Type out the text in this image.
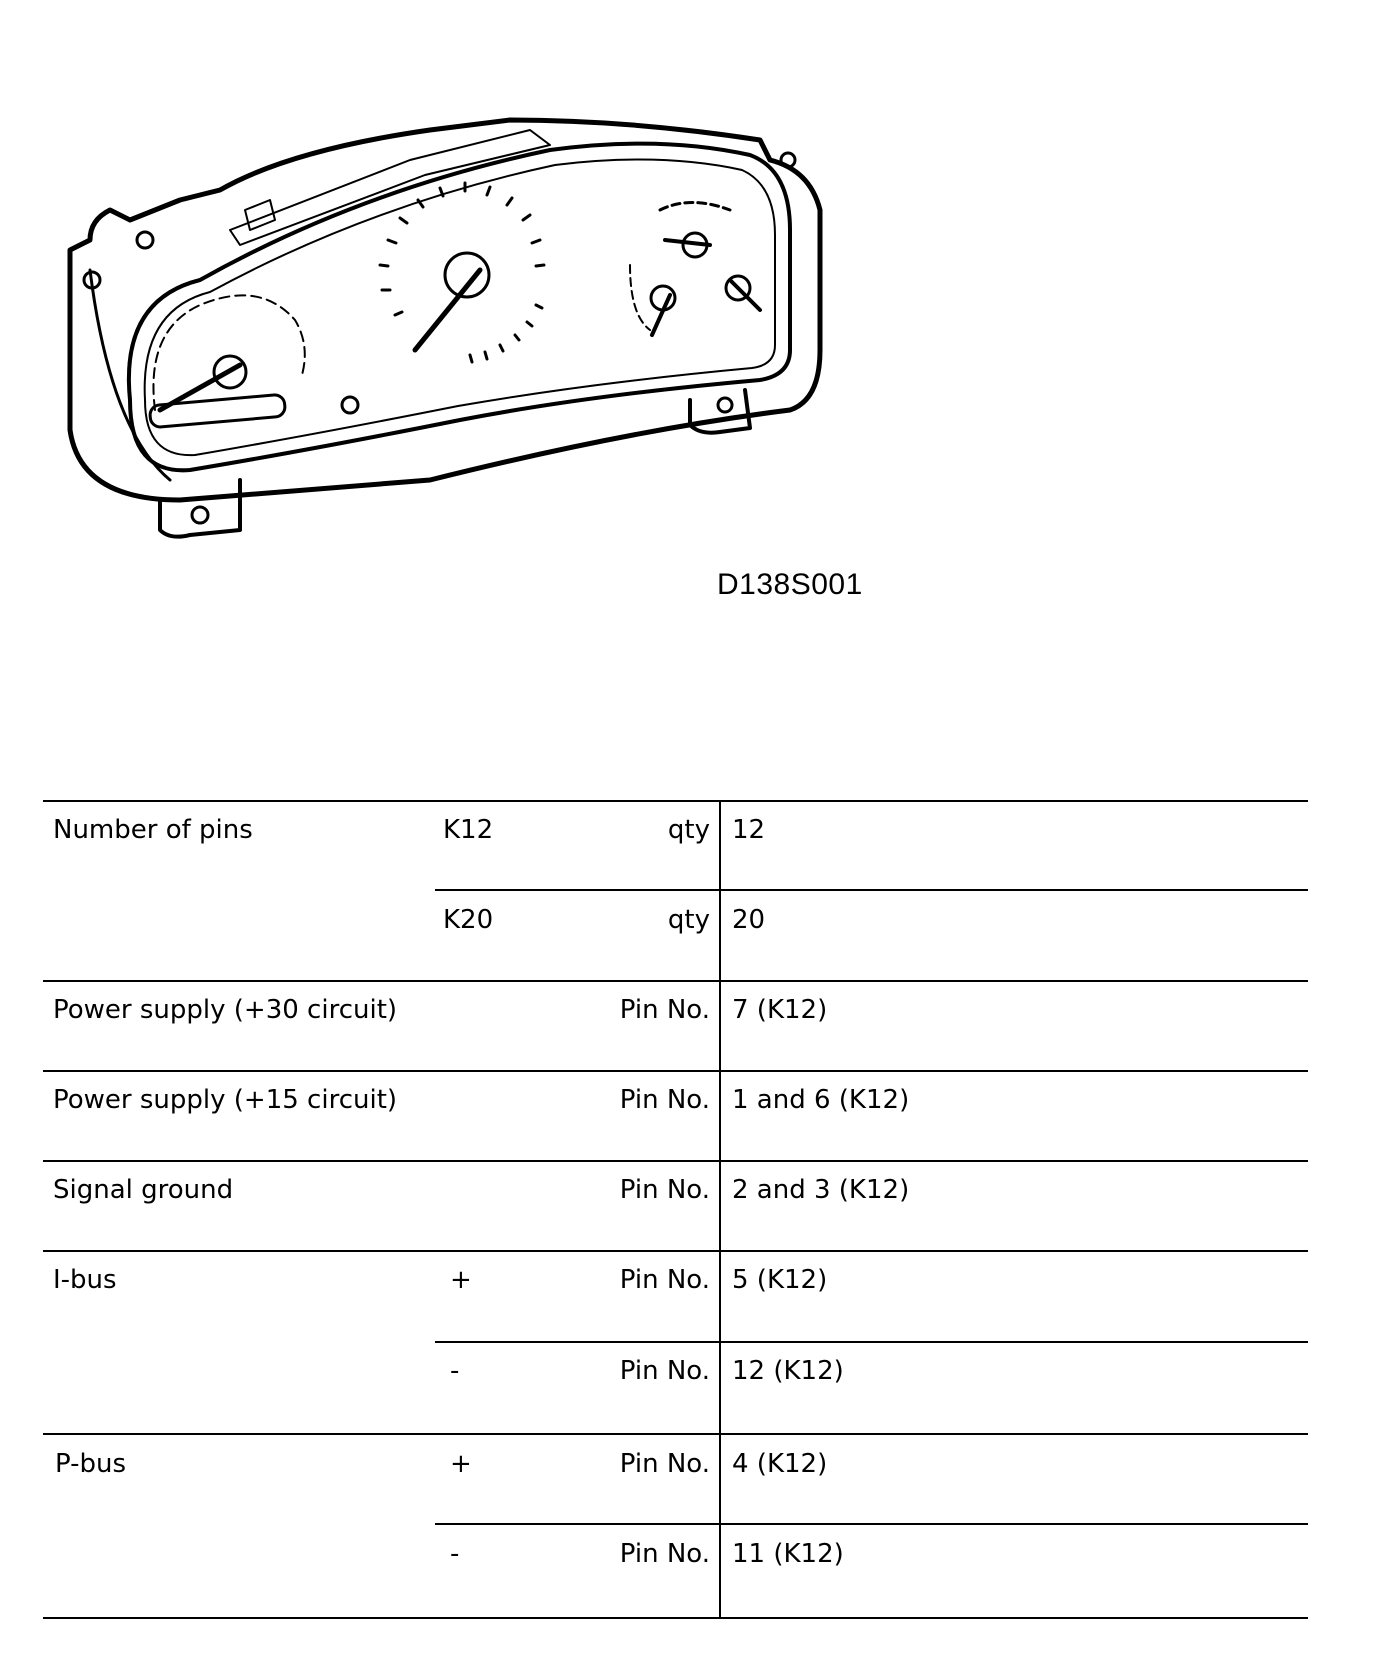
D138S001
Number of pins	K12	qty 12
K20	qty 20
Power supply (+30 circuit)	Pin No. 7 (K12)
Power supply (+15 circuit)	Pin No. 1 and 6 (K12)
Signal ground	Pin No. 2 and 3 (K12)
I-bus	+	Pin No. 5 (K12)
-	Pin No. 12 (K12)
P-bus	+	Pin No. 4 (K12)
-	Pin No. 11 (K12)
